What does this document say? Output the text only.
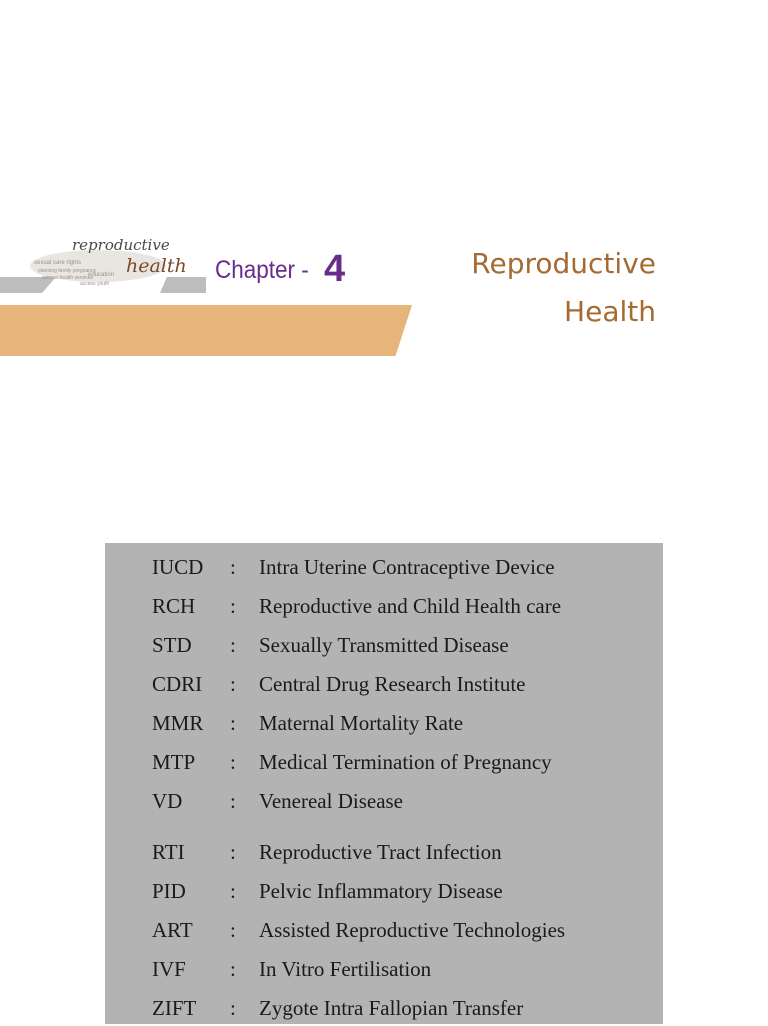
sexual care rights
planning family pregnancy
women health services
education
access youth
reproductive
health Chapter - 4	Reproductive
Health
IUCD : Intra Uterine Contraceptive Device
RCH : Reproductive and Child Health care
STD : Sexually Transmitted Disease
CDRI : Central Drug Research Institute
MMR : Maternal Mortality Rate
MTP : Medical Termination of Pregnancy
VD : Venereal Disease
RTI : Reproductive Tract Infection
PID : Pelvic Inflammatory Disease
ART : Assisted Reproductive Technologies
IVF : In Vitro Fertilisation
ZIFT : Zygote Intra Fallopian Transfer
